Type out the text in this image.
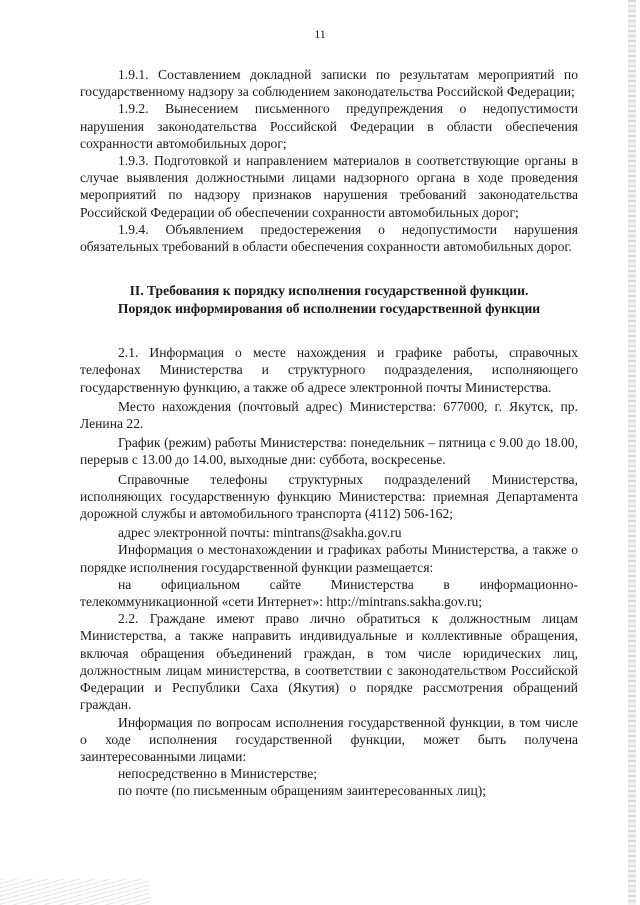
11

1.9.1. Составлением докладной записки по результатам мероприятий по государственному надзору за соблюдением законодательства Российской Федерации;

1.9.2. Вынесением письменного предупреждения о недопустимости нарушения законодательства Российской Федерации в области обеспечения сохранности автомобильных дорог;

1.9.3. Подготовкой и направлением материалов в соответствующие органы в случае выявления должностными лицами надзорного органа в ходе проведения мероприятий по надзору признаков нарушения требований законодательства Российской Федерации об обеспечении сохранности автомобильных дорог;

1.9.4. Объявлением предостережения о недопустимости нарушения обязательных требований в области обеспечения сохранности автомобильных дорог.

II. Требования к порядку исполнения государственной функции.
Порядок информирования об исполнении государственной функции

2.1. Информация о месте нахождения и графике работы, справочных телефонах Министерства и структурного подразделения, исполняющего государственную функцию, а также об адресе электронной почты Министерства.

Место нахождения (почтовый адрес) Министерства: 677000, г. Якутск, пр. Ленина 22.

График (режим) работы Министерства: понедельник – пятница с 9.00 до 18.00, перерыв с 13.00 до 14.00, выходные дни: суббота, воскресенье.

Справочные телефоны структурных подразделений Министерства, исполняющих государственную функцию Министерства: приемная Департамента дорожной службы и автомобильного транспорта (4112) 506-162;

адрес электронной почты: mintrans@sakha.gov.ru

Информация о местонахождении и графиках работы Министерства, а также о порядке исполнения государственной функции размещается:

на официальном сайте Министерства в информационно-телекоммуникационной «сети Интернет»: http://mintrans.sakha.gov.ru;

2.2. Граждане имеют право лично обратиться к должностным лицам Министерства, а также направить индивидуальные и коллективные обращения, включая обращения объединений граждан, в том числе юридических лиц, должностным лицам министерства, в соответствии с законодательством Российской Федерации и Республики Саха (Якутия) о порядке рассмотрения обращений граждан.

Информация по вопросам исполнения государственной функции, в том числе о ходе исполнения государственной функции, может быть получена заинтересованными лицами:

непосредственно в Министерстве;

по почте (по письменным обращениям заинтересованных лиц);
